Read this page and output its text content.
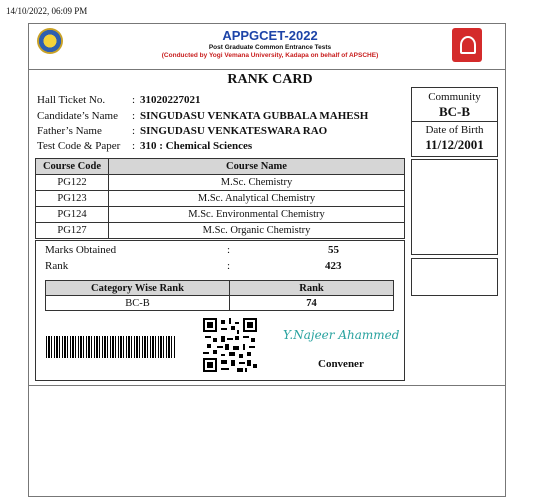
14/10/2022, 06:09 PM
APPGCET-2022
Post Graduate Common Entrance Tests
(Conducted by Yogi Vemana University, Kadapa on behalf of APSCHE)
RANK CARD
Hall Ticket No. : 31020227021
Candidate’s Name : SINGUDASU VENKATA GUBBALA MAHESH
Father’s Name	: SINGUDASU VENKATESWARA RAO
Test Code & Paper : 310 : Chemical Sciences
Community
BC-B
Date of Birth
11/12/2001
Course Code	Course Name
PG122	M.Sc. Chemistry
PG123	M.Sc. Analytical Chemistry
PG124	M.Sc. Environmental Chemistry
PG127	M.Sc. Organic Chemistry
Marks Obtained	:	55
Rank	:	423
Category Wise Rank	Rank
BC-B	74
Y.Najeer Ahammed
Convener
